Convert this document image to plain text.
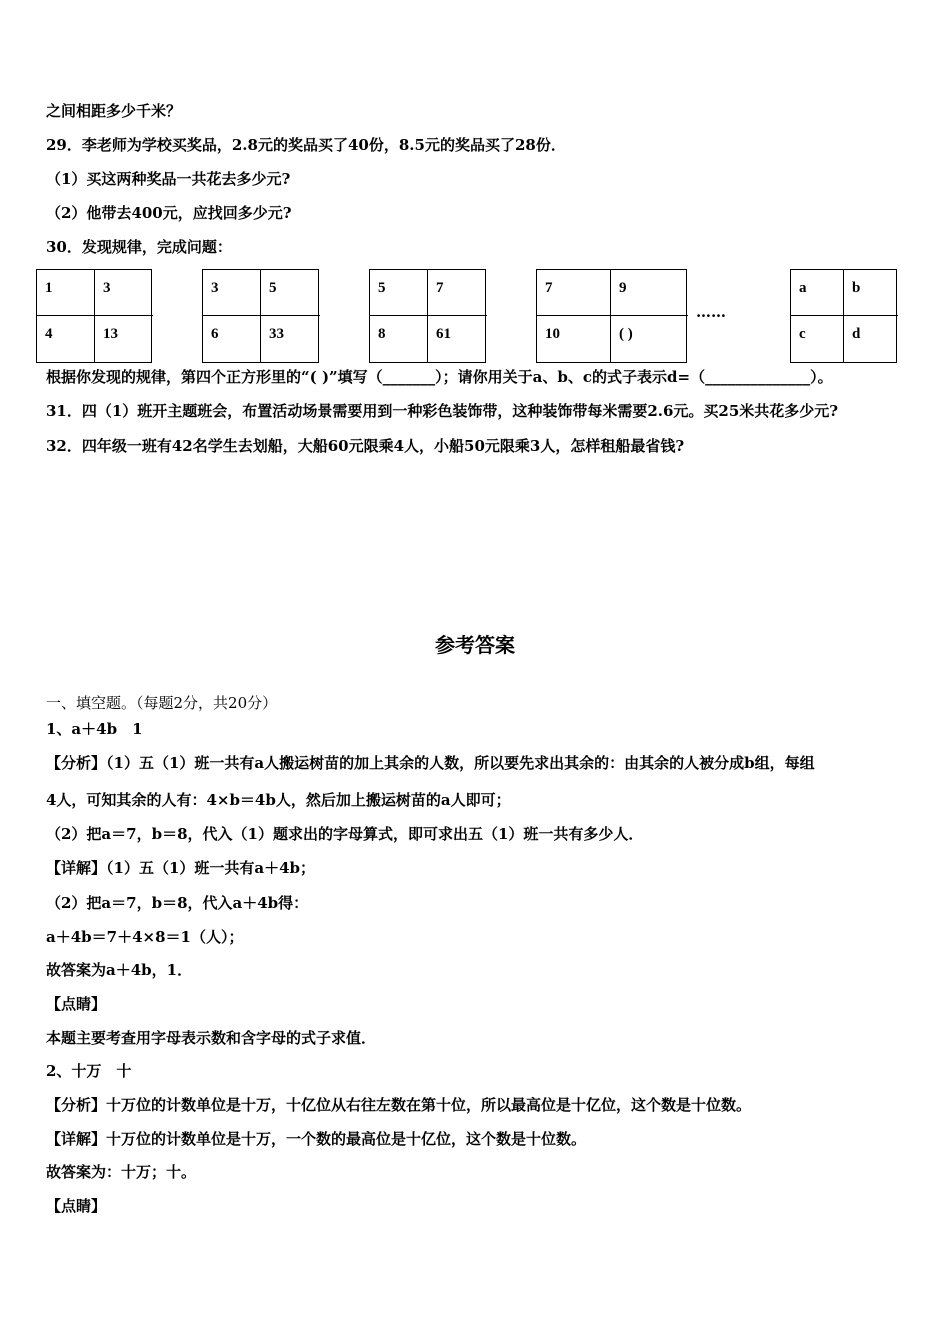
之间相距多少千米？
29．李老师为学校买奖品，2.8元的奖品买了40份，8.5元的奖品买了28份．
（1）买这两种奖品一共花去多少元?
（2）他带去400元，应找回多少元?
30．发现规律，完成问题：
1	3
4	13
3	5
6	33
5	7
8	61
7	9
10	( )
……
a	b
c	d
根据你发现的规律，第四个正方形里的“( )”填写（_______）；请你用关于a、b、c的式子表示d=（______________）。
31．四（1）班开主题班会，布置活动场景需要用到一种彩色装饰带，这种装饰带每米需要2.6元。买25米共花多少元?
32．四年级一班有42名学生去划船，大船60元限乘4人，小船50元限乘3人，怎样租船最省钱?
参考答案
一、填空题。（每题2分，共20分）
1、a＋4b　1
【分析】（1）五（1）班一共有a人搬运树苗的加上其余的人数，所以要先求出其余的：由其余的人被分成b组，每组
4人，可知其余的人有：4×b＝4b人，然后加上搬运树苗的a人即可；
（2）把a＝7，b＝8，代入（1）题求出的字母算式，即可求出五（1）班一共有多少人．
【详解】（1）五（1）班一共有a＋4b；
（2）把a＝7，b＝8，代入a＋4b得：
a＋4b＝7＋4×8＝1（人）；
故答案为a＋4b，1．
【点睛】
本题主要考查用字母表示数和含字母的式子求值．
2、十万　十
【分析】十万位的计数单位是十万，十亿位从右往左数在第十位，所以最高位是十亿位，这个数是十位数。
【详解】十万位的计数单位是十万，一个数的最高位是十亿位，这个数是十位数。
故答案为：十万；十。
【点睛】
